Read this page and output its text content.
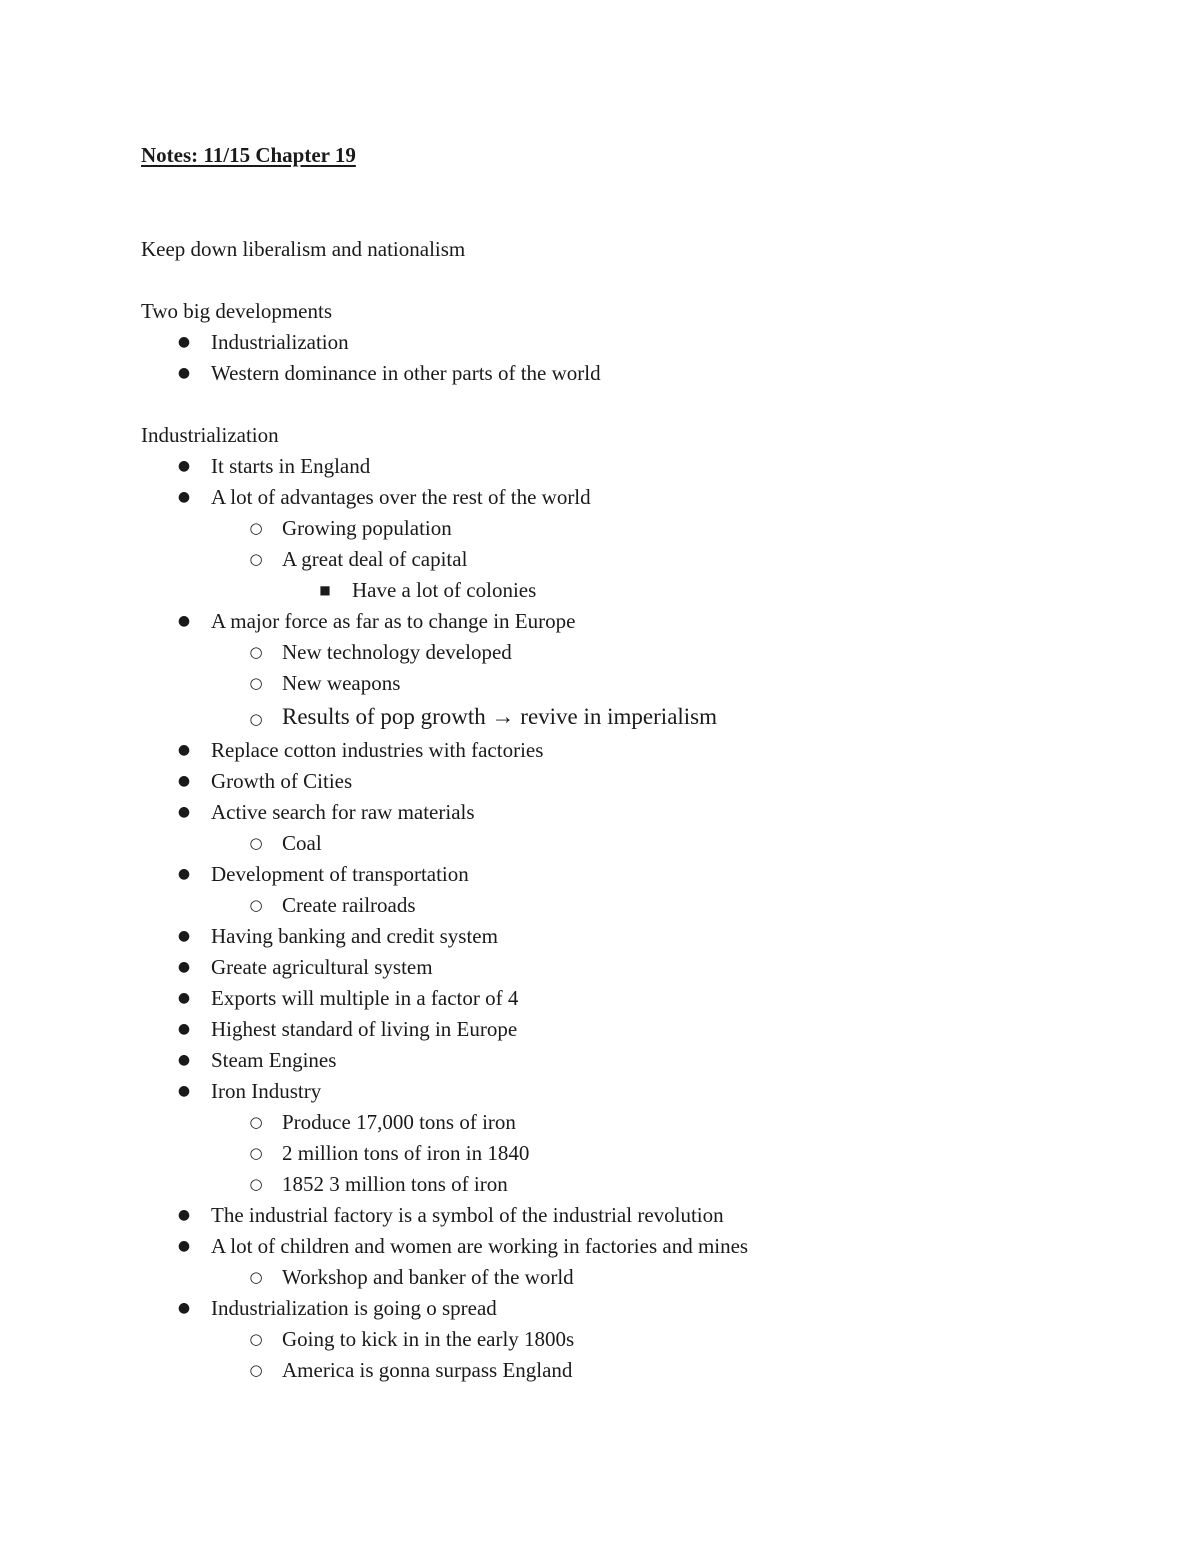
Notes: 11/15 Chapter 19

Keep down liberalism and nationalism

Two big developments

● Industrialization
● Western dominance in other parts of the world

Industrialization

● It starts in England
● A lot of advantages over the rest of the world
○ Growing population
○ A great deal of capital
■ Have a lot of colonies
● A major force as far as to change in Europe
○ New technology developed
○ New weapons
○ Results of pop growth → revive in imperialism
● Replace cotton industries with factories
● Growth of Cities
● Active search for raw materials
○ Coal
● Development of transportation
○ Create railroads
● Having banking and credit system
● Greate agricultural system
● Exports will multiple in a factor of 4
● Highest standard of living in Europe
● Steam Engines
● Iron Industry
○ Produce 17,000 tons of iron
○ 2 million tons of iron in 1840
○ 1852 3 million tons of iron
● The industrial factory is a symbol of the industrial revolution
● A lot of children and women are working in factories and mines
○ Workshop and banker of the world
● Industrialization is going o spread
○ Going to kick in in the early 1800s
○ America is gonna surpass England
